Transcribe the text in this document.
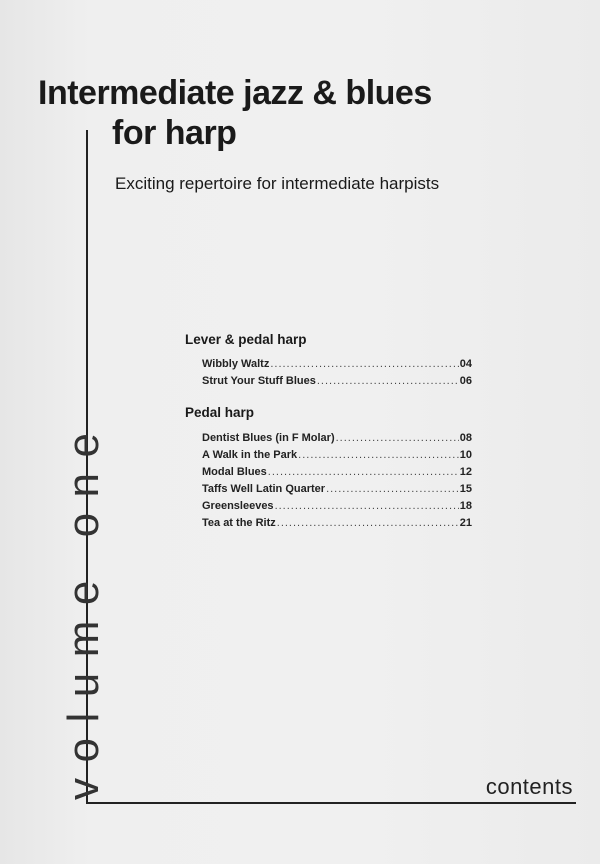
Intermediate jazz & blues
for harp
Exciting repertoire for intermediate harpists
volume one	contents
Lever & pedal harp
Wibbly Waltz .....	04
Strut Your Stuff Blues .....	06
Pedal harp
Dentist Blues (in F Molar) .....	08
A Walk in the Park .....	10
Modal Blues .....	12
Taffs Well Latin Quarter .....	15
Greensleeves .....	18
Tea at the Ritz .....	21
